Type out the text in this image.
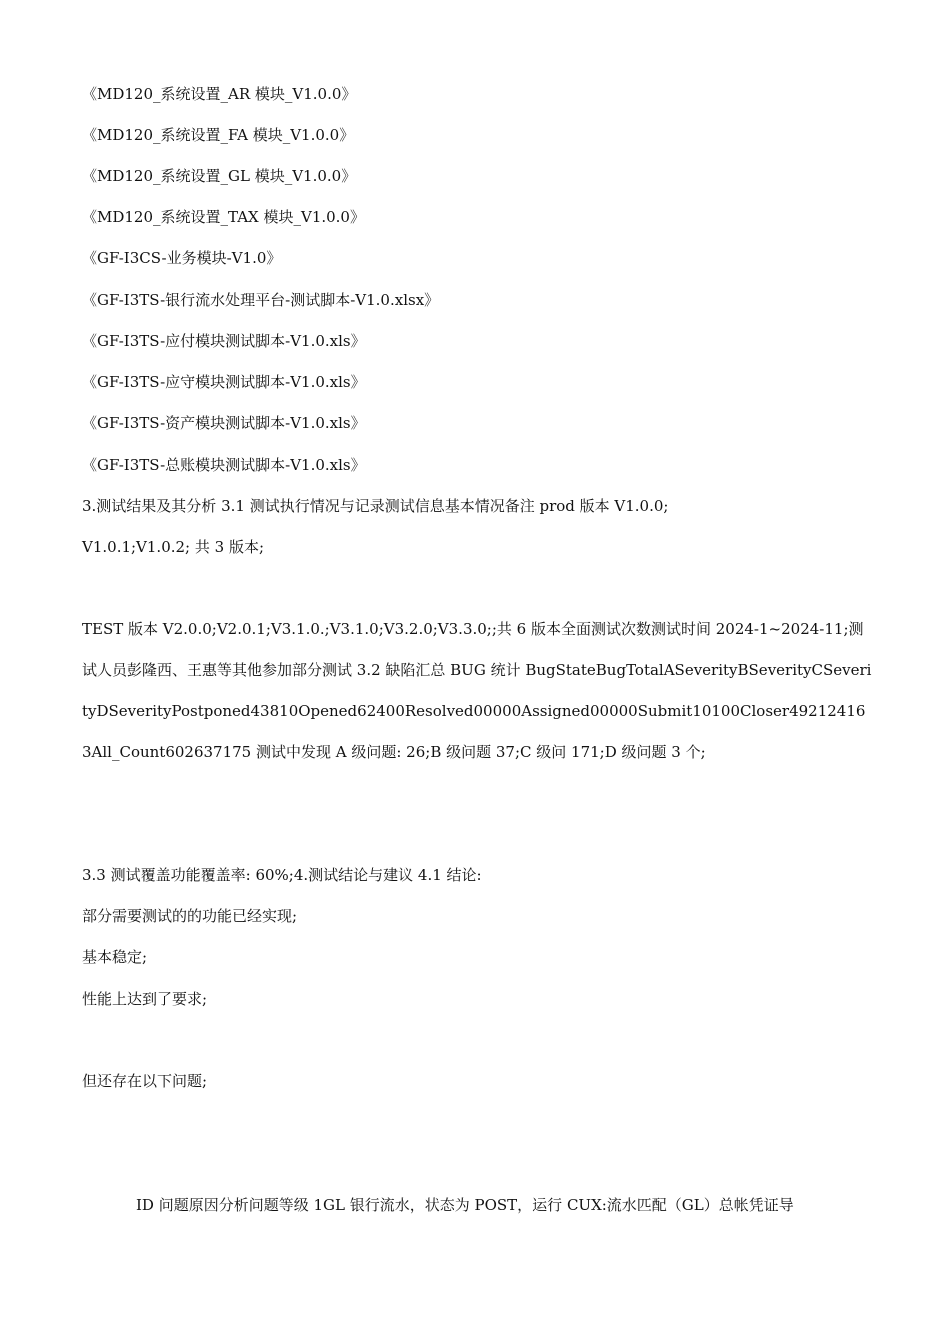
《MD120_系统设置_AR 模块_V1.0.0》
《MD120_系统设置_FA 模块_V1.0.0》
《MD120_系统设置_GL 模块_V1.0.0》
《MD120_系统设置_TAX 模块_V1.0.0》
《GF-I3CS-业务模块-V1.0》
《GF-I3TS-银行流水处理平台-测试脚本-V1.0.xlsx》
《GF-I3TS-应付模块测试脚本-V1.0.xls》
《GF-I3TS-应守模块测试脚本-V1.0.xls》
《GF-I3TS-资产模块测试脚本-V1.0.xls》
《GF-I3TS-总账模块测试脚本-V1.0.xls》
3.测试结果及其分析 3.1 测试执行情况与记录测试信息基本情况备注 prod 版本 V1.0.0;
V1.0.1;V1.0.2; 共 3 版本;
TEST 版本 V2.0.0;V2.0.1;V3.1.0.;V3.1.0;V3.2.0;V3.3.0;;共 6 版本全面测试次数测试时间 2024-1~2024-11;测试人员彭隆西、王惠等其他参加部分测试 3.2 缺陷汇总 BUG 统计 BugStateBugTotalASeverityBSeverityCSeverityDSeverityPostponed43810Opened62400Resolved00000Assigned00000Submit10100Closer492124163All_Count602637175 测试中发现 A 级问题: 26;B 级问题 37;C 级问 171;D 级问题 3 个;
3.3 测试覆盖功能覆盖率: 60%;4.测试结论与建议 4.1 结论:
部分需要测试的的功能已经实现;
基本稳定;
性能上达到了要求;
但还存在以下问题;
ID 问题原因分析问题等级 1GL 银行流水，状态为 POST，运行 CUX:流水匹配（GL）总帐凭证导
